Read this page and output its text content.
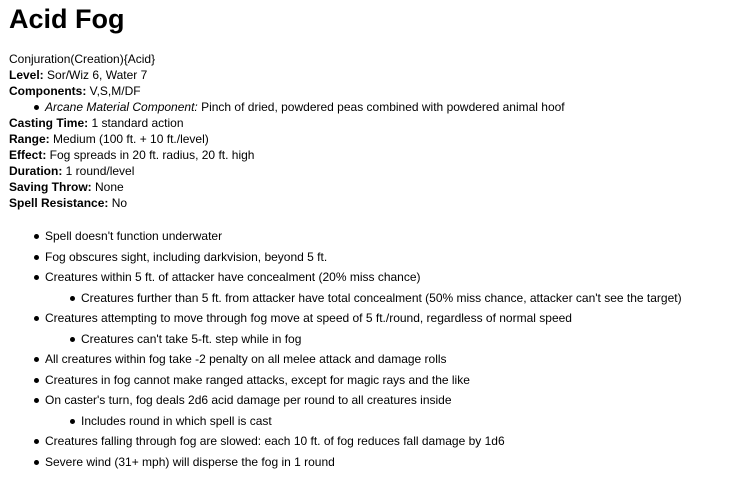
Acid Fog
Conjuration(Creation){Acid}
Level: Sor/Wiz 6, Water 7
Components: V,S,M/DF
Arcane Material Component: Pinch of dried, powdered peas combined with powdered animal hoof
Casting Time: 1 standard action
Range: Medium (100 ft. + 10 ft./level)
Effect: Fog spreads in 20 ft. radius, 20 ft. high
Duration: 1 round/level
Saving Throw: None
Spell Resistance: No
Spell doesn't function underwater
Fog obscures sight, including darkvision, beyond 5 ft.
Creatures within 5 ft. of attacker have concealment (20% miss chance)
Creatures further than 5 ft. from attacker have total concealment (50% miss chance, attacker can't see the target)
Creatures attempting to move through fog move at speed of 5 ft./round, regardless of normal speed
Creatures can't take 5-ft. step while in fog
All creatures within fog take -2 penalty on all melee attack and damage rolls
Creatures in fog cannot make ranged attacks, except for magic rays and the like
On caster's turn, fog deals 2d6 acid damage per round to all creatures inside
Includes round in which spell is cast
Creatures falling through fog are slowed: each 10 ft. of fog reduces fall damage by 1d6
Severe wind (31+ mph) will disperse the fog in 1 round
